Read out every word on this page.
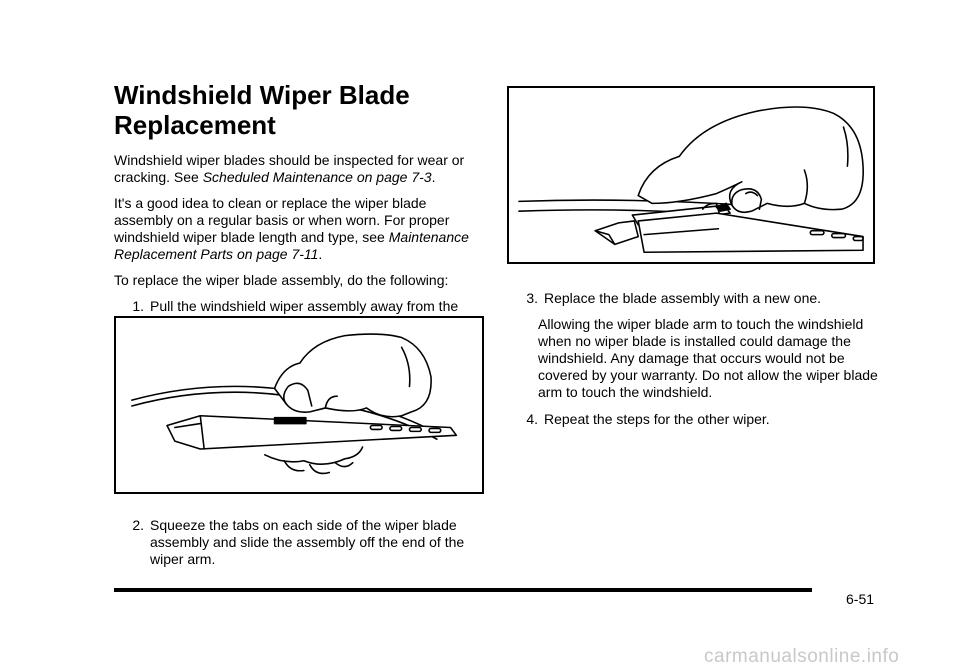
Windshield Wiper Blade
Replacement

Windshield wiper blades should be inspected for wear or cracking. See Scheduled Maintenance on page 7-3.

It's a good idea to clean or replace the wiper blade assembly on a regular basis or when worn. For proper windshield wiper blade length and type, see Maintenance Replacement Parts on page 7-11.

To replace the wiper blade assembly, do the following:

1. Pull the windshield wiper assembly away from the
2. Squeeze the tabs on each side of the wiper blade assembly and slide the assembly off the end of the wiper arm.
3. Replace the blade assembly with a new one.

Allowing the wiper blade arm to touch the windshield when no wiper blade is installed could damage the windshield. Any damage that occurs would not be covered by your warranty. Do not allow the wiper blade arm to touch the windshield.

4. Repeat the steps for the other wiper.
6-51
carmanualsonline.info
